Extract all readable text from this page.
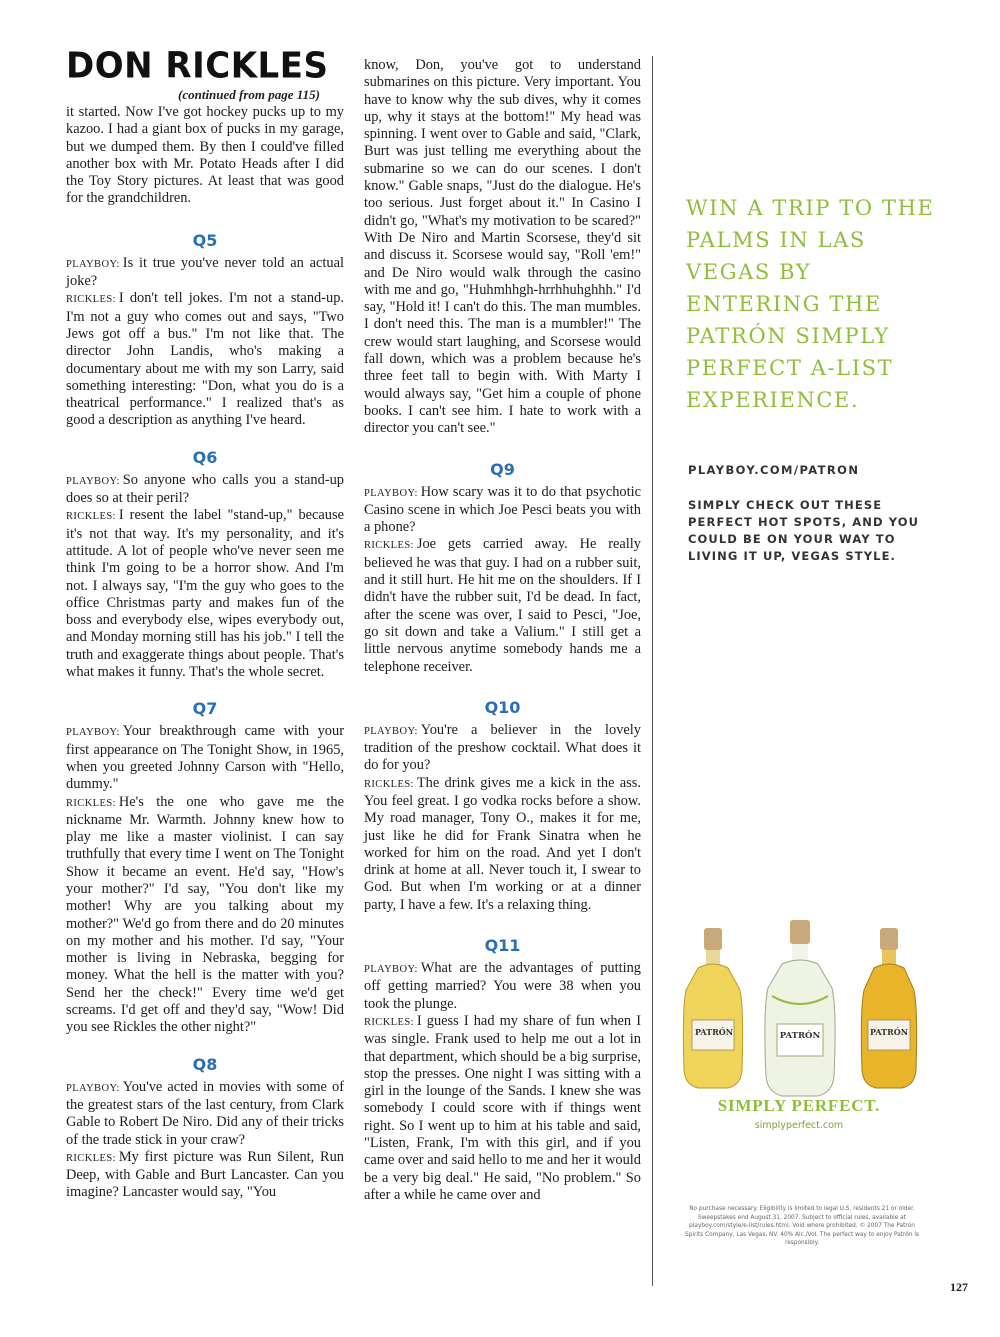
DON RICKLES
(continued from page 115)

it started. Now I've got hockey pucks up to my kazoo. I had a giant box of pucks in my garage, but we dumped them. By then I could've filled another box with Mr. Potato Heads after I did the Toy Story pictures. At least that was good for the grandchildren.

Q5

PLAYBOY: Is it true you've never told an actual joke?

RICKLES: I don't tell jokes. I'm not a stand-up. I'm not a guy who comes out and says, "Two Jews got off a bus." I'm not like that. The director John Landis, who's making a documentary about me with my son Larry, said something interesting: "Don, what you do is a theatrical performance." I realized that's as good a description as anything I've heard.

Q6

PLAYBOY: So anyone who calls you a stand-up does so at their peril?

RICKLES: I resent the label "stand-up," because it's not that way. It's my personality, and it's attitude. A lot of people who've never seen me think I'm going to be a horror show. And I'm not. I always say, "I'm the guy who goes to the office Christmas party and makes fun of the boss and everybody else, wipes everybody out, and Monday morning still has his job." I tell the truth and exaggerate things about people. That's what makes it funny. That's the whole secret.

Q7

PLAYBOY: Your breakthrough came with your first appearance on The Tonight Show, in 1965, when you greeted Johnny Carson with "Hello, dummy."

RICKLES: He's the one who gave me the nickname Mr. Warmth. Johnny knew how to play me like a master violinist. I can say truthfully that every time I went on The Tonight Show it became an event. He'd say, "How's your mother?" I'd say, "You don't like my mother! Why are you talking about my mother?" We'd go from there and do 20 minutes on my mother and his mother. I'd say, "Your mother is living in Nebraska, begging for money. What the hell is the matter with you? Send her the check!" Every time we'd get screams. I'd get off and they'd say, "Wow! Did you see Rickles the other night?"

Q8

PLAYBOY: You've acted in movies with some of the greatest stars of the last century, from Clark Gable to Robert De Niro. Did any of their tricks of the trade stick in your craw?

RICKLES: My first picture was Run Silent, Run Deep, with Gable and Burt Lancaster. Can you imagine? Lancaster would say, "You

know, Don, you've got to understand submarines on this picture. Very important. You have to know why the sub dives, why it comes up, why it stays at the bottom!" My head was spinning. I went over to Gable and said, "Clark, Burt was just telling me everything about the submarine so we can do our scenes. I don't know." Gable snaps, "Just do the dialogue. He's too serious. Just forget about it." In Casino I didn't go, "What's my motivation to be scared?" With De Niro and Martin Scorsese, they'd sit and discuss it. Scorsese would say, "Roll 'em!" and De Niro would walk through the casino with me and go, "Huhmhhgh-hrrhhuhghhh." I'd say, "Hold it! I can't do this. The man mumbles. I don't need this. The man is a mumbler!" The crew would start laughing, and Scorsese would fall down, which was a problem because he's three feet tall to begin with. With Marty I would always say, "Get him a couple of phone books. I can't see him. I hate to work with a director you can't see."

Q9

PLAYBOY: How scary was it to do that psychotic Casino scene in which Joe Pesci beats you with a phone?

RICKLES: Joe gets carried away. He really believed he was that guy. I had on a rubber suit, and it still hurt. He hit me on the shoulders. If I didn't have the rubber suit, I'd be dead. In fact, after the scene was over, I said to Pesci, "Joe, go sit down and take a Valium." I still get a little nervous anytime somebody hands me a telephone receiver.

Q10

PLAYBOY: You're a believer in the lovely tradition of the preshow cocktail. What does it do for you?

RICKLES: The drink gives me a kick in the ass. You feel great. I go vodka rocks before a show. My road manager, Tony O., makes it for me, just like he did for Frank Sinatra when he worked for him on the road. And yet I don't drink at home at all. Never touch it, I swear to God. But when I'm working or at a dinner party, I have a few. It's a relaxing thing.

Q11

PLAYBOY: What are the advantages of putting off getting married? You were 38 when you took the plunge.

RICKLES: I guess I had my share of fun when I was single. Frank used to help me out a lot in that department, which should be a big surprise, stop the presses. One night I was sitting with a girl in the lounge of the Sands. I knew she was somebody I could score with if things went right. So I went up to him at his table and said, "Listen, Frank, I'm with this girl, and if you came over and said hello to me and her it would be a very big deal." He said, "No problem." So after a while he came over and

WIN A TRIP TO THE PALMS IN LAS VEGAS BY ENTERING THE PATRÓN SIMPLY PERFECT A-LIST EXPERIENCE.
PLAYBOY.COM/PATRON

SIMPLY CHECK OUT THESE PERFECT HOT SPOTS, AND YOU COULD BE ON YOUR WAY TO LIVING IT UP, VEGAS STYLE.

PATRÓN	PATRÓN	PATRÓN

SIMPLY PERFECT.

simplyperfect.com

No purchase necessary. Eligibility is limited to legal U.S. residents 21 or older. Sweepstakes end August 31, 2007. Subject to official rules, available at playboy.com/style/e-list/rules.html. Void where prohibited. © 2007 The Patrón Spirits Company, Las Vegas, NV. 40% Alc./Vol. The perfect way to enjoy Patrón is responsibly.

127
